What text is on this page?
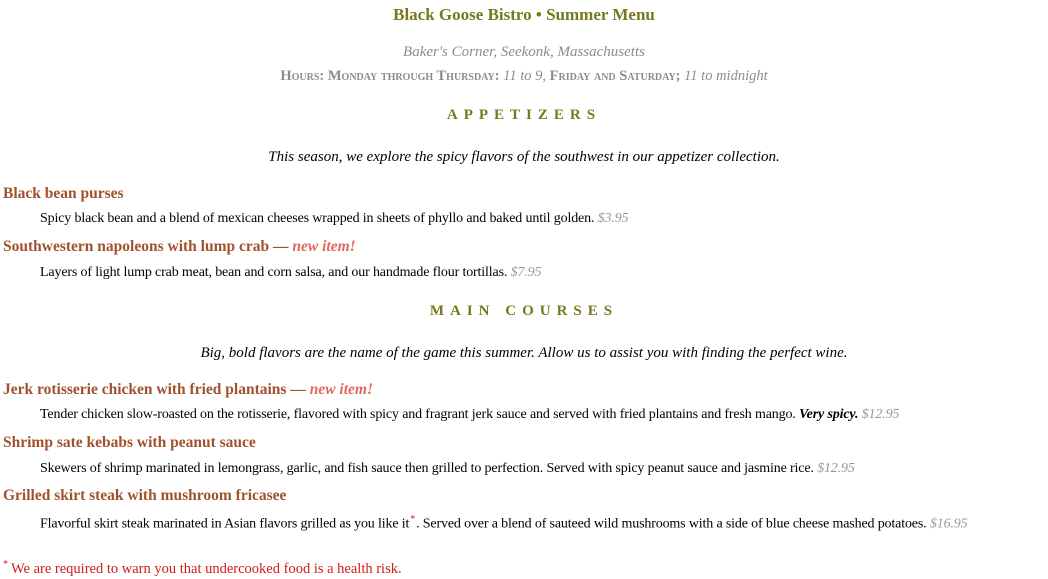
Black Goose Bistro • Summer Menu
Baker's Corner, Seekonk, Massachusetts
Hours: Monday through Thursday: 11 to 9, Friday and Saturday; 11 to midnight
APPETIZERS
This season, we explore the spicy flavors of the southwest in our appetizer collection.
Black bean purses
Spicy black bean and a blend of mexican cheeses wrapped in sheets of phyllo and baked until golden. $3.95
Southwestern napoleons with lump crab — new item!
Layers of light lump crab meat, bean and corn salsa, and our handmade flour tortillas. $7.95
MAIN COURSES
Big, bold flavors are the name of the game this summer. Allow us to assist you with finding the perfect wine.
Jerk rotisserie chicken with fried plantains — new item!
Tender chicken slow-roasted on the rotisserie, flavored with spicy and fragrant jerk sauce and served with fried plantains and fresh mango. Very spicy. $12.95
Shrimp sate kebabs with peanut sauce
Skewers of shrimp marinated in lemongrass, garlic, and fish sauce then grilled to perfection. Served with spicy peanut sauce and jasmine rice. $12.95
Grilled skirt steak with mushroom fricasee
Flavorful skirt steak marinated in Asian flavors grilled as you like it*. Served over a blend of sauteed wild mushrooms with a side of blue cheese mashed potatoes. $16.95
* We are required to warn you that undercooked food is a health risk.
